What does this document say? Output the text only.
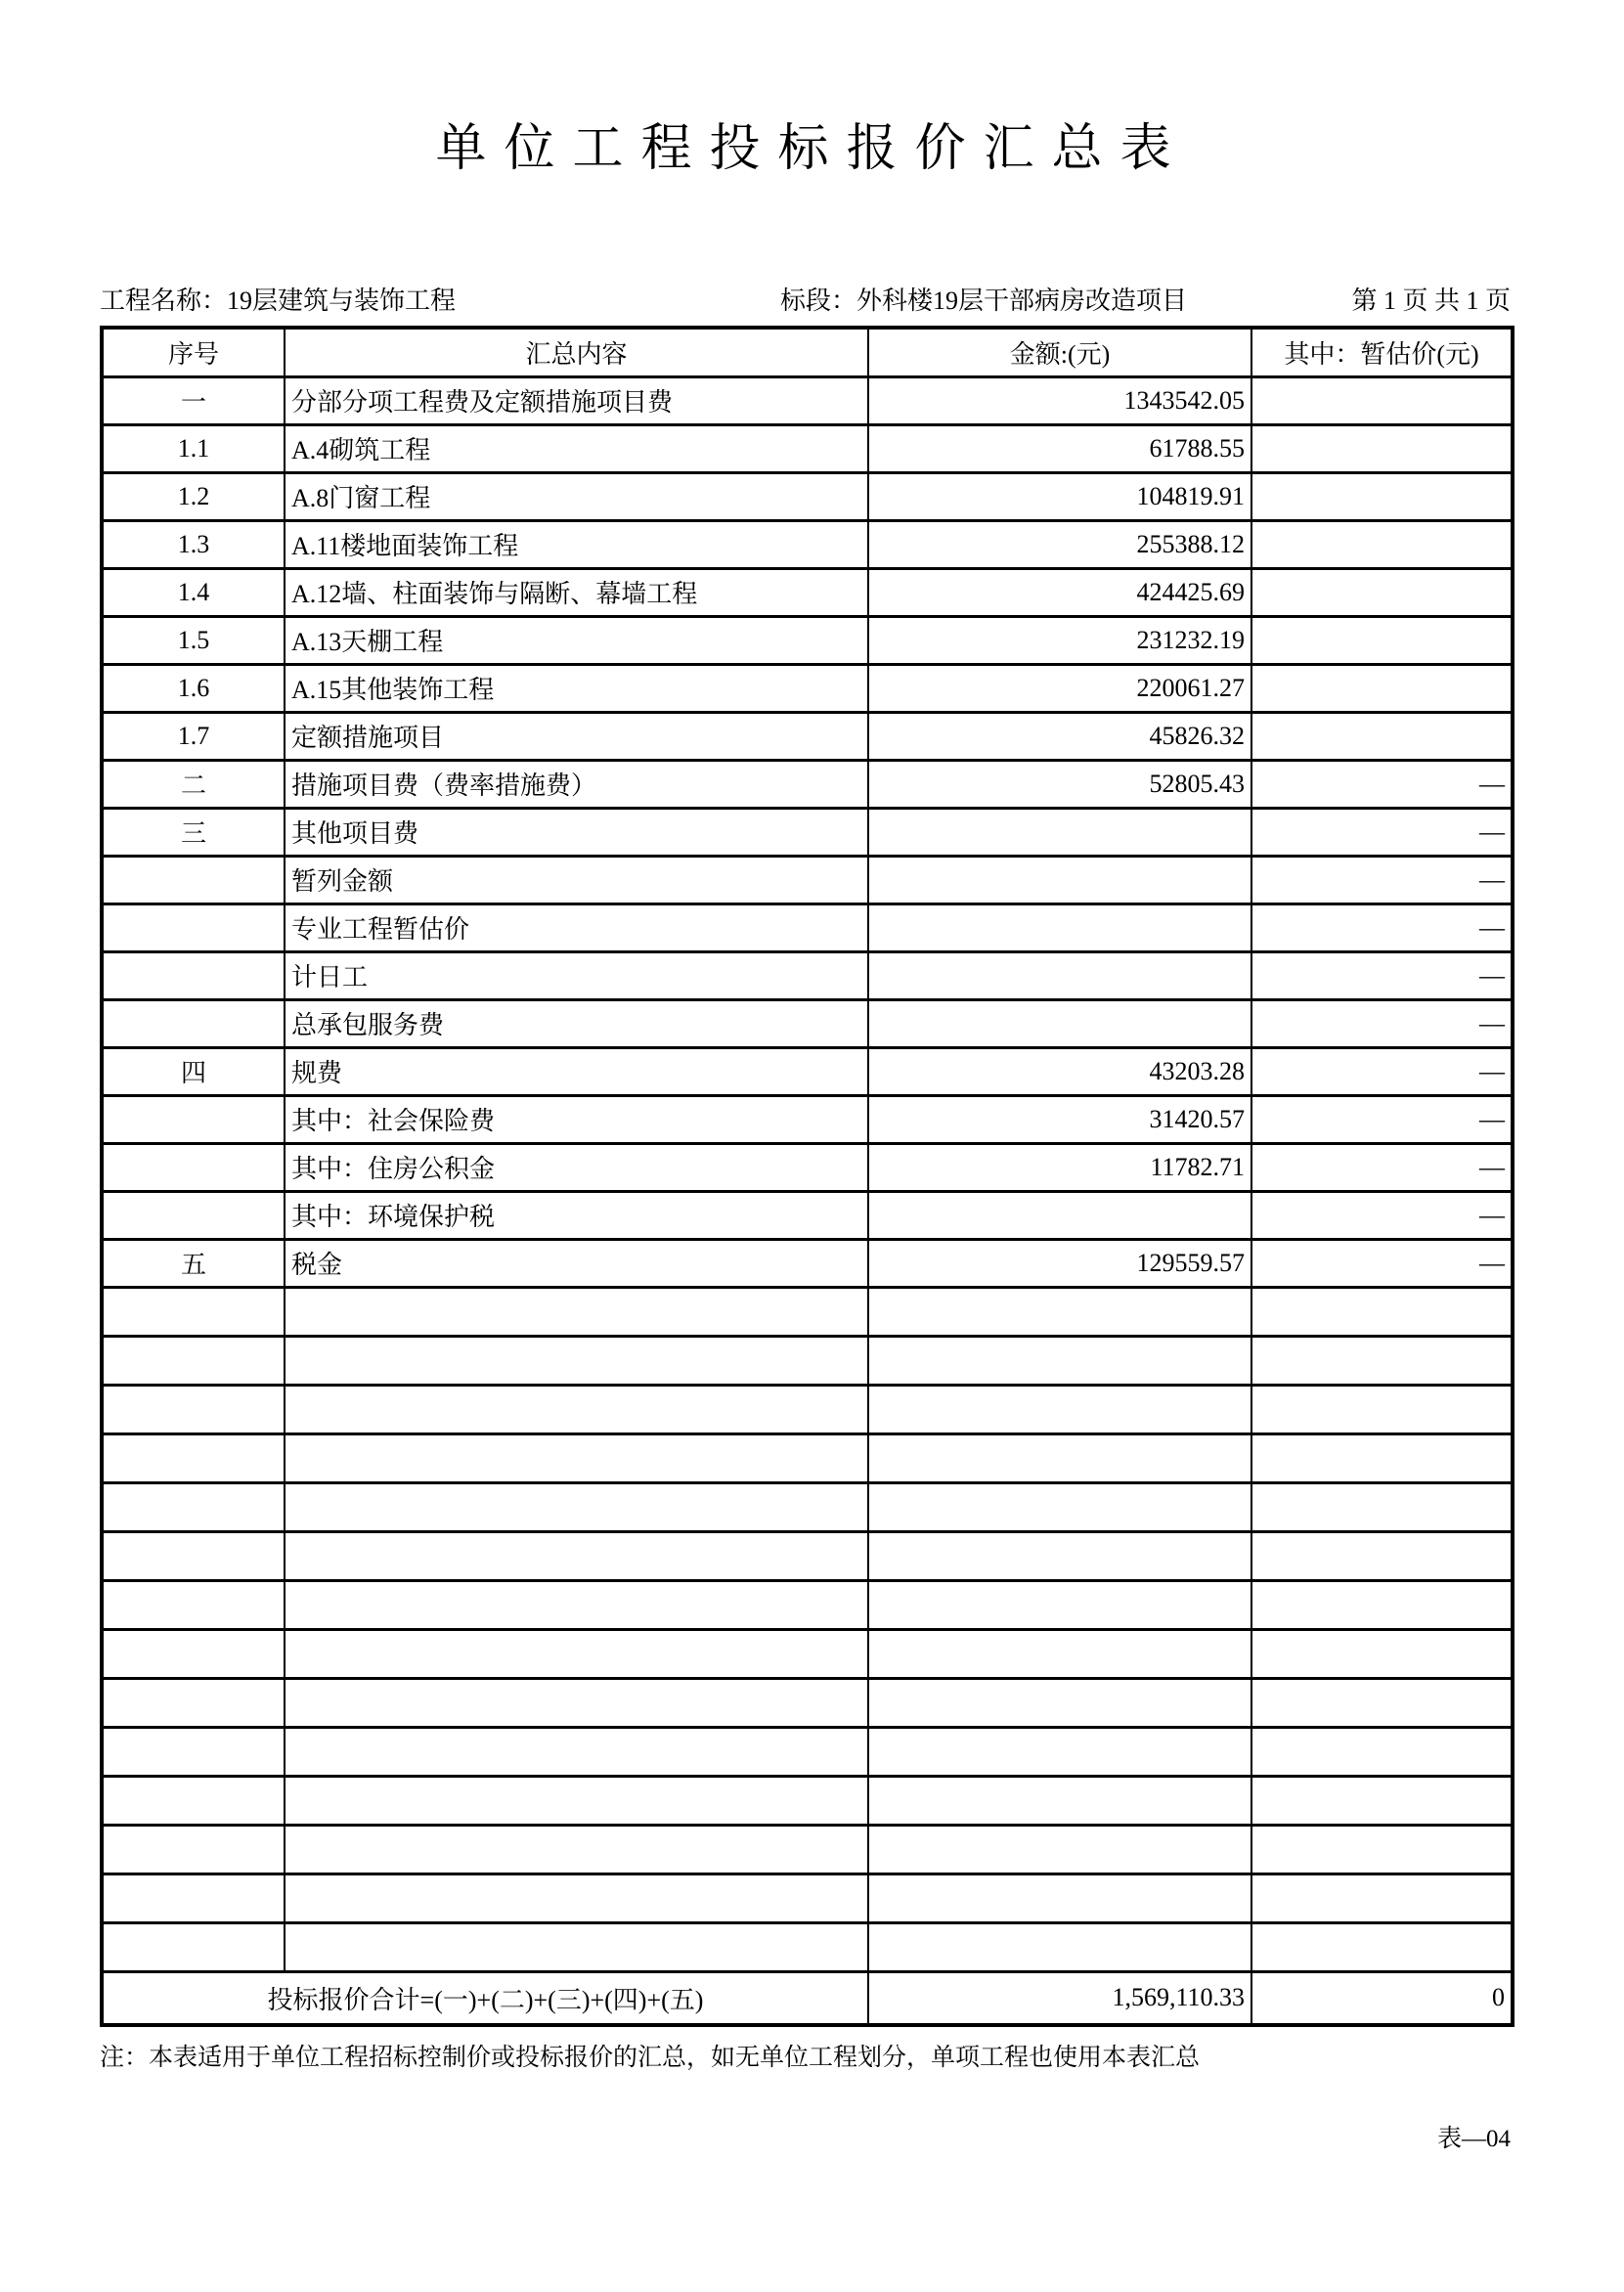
单位工程投标报价汇总表
工程名称：19层建筑与装饰工程	标段：外科楼19层干部病房改造项目	第 1 页 共 1 页
序号	汇总内容	金额:(元)	其中：暂估价(元)
一	分部分项工程费及定额措施项目费	1343542.05	
1.1	A.4砌筑工程	61788.55	
1.2	A.8门窗工程	104819.91	
1.3	A.11楼地面装饰工程	255388.12	
1.4	A.12墙、柱面装饰与隔断、幕墙工程	424425.69	
1.5	A.13天棚工程	231232.19	
1.6	A.15其他装饰工程	220061.27	
1.7	定额措施项目	45826.32	
二	措施项目费（费率措施费）	52805.43	—
三	其他项目费		—
	暂列金额		—
	专业工程暂估价		—
	计日工		—
	总承包服务费		—
四	规费	43203.28	—
	其中：社会保险费	31420.57	—
	其中：住房公积金	11782.71	—
	其中：环境保护税		—
五	税金	129559.57	—

投标报价合计=(一)+(二)+(三)+(四)+(五)		1,569,110.33	0
注：本表适用于单位工程招标控制价或投标报价的汇总，如无单位工程划分，单项工程也使用本表汇总
表—04
